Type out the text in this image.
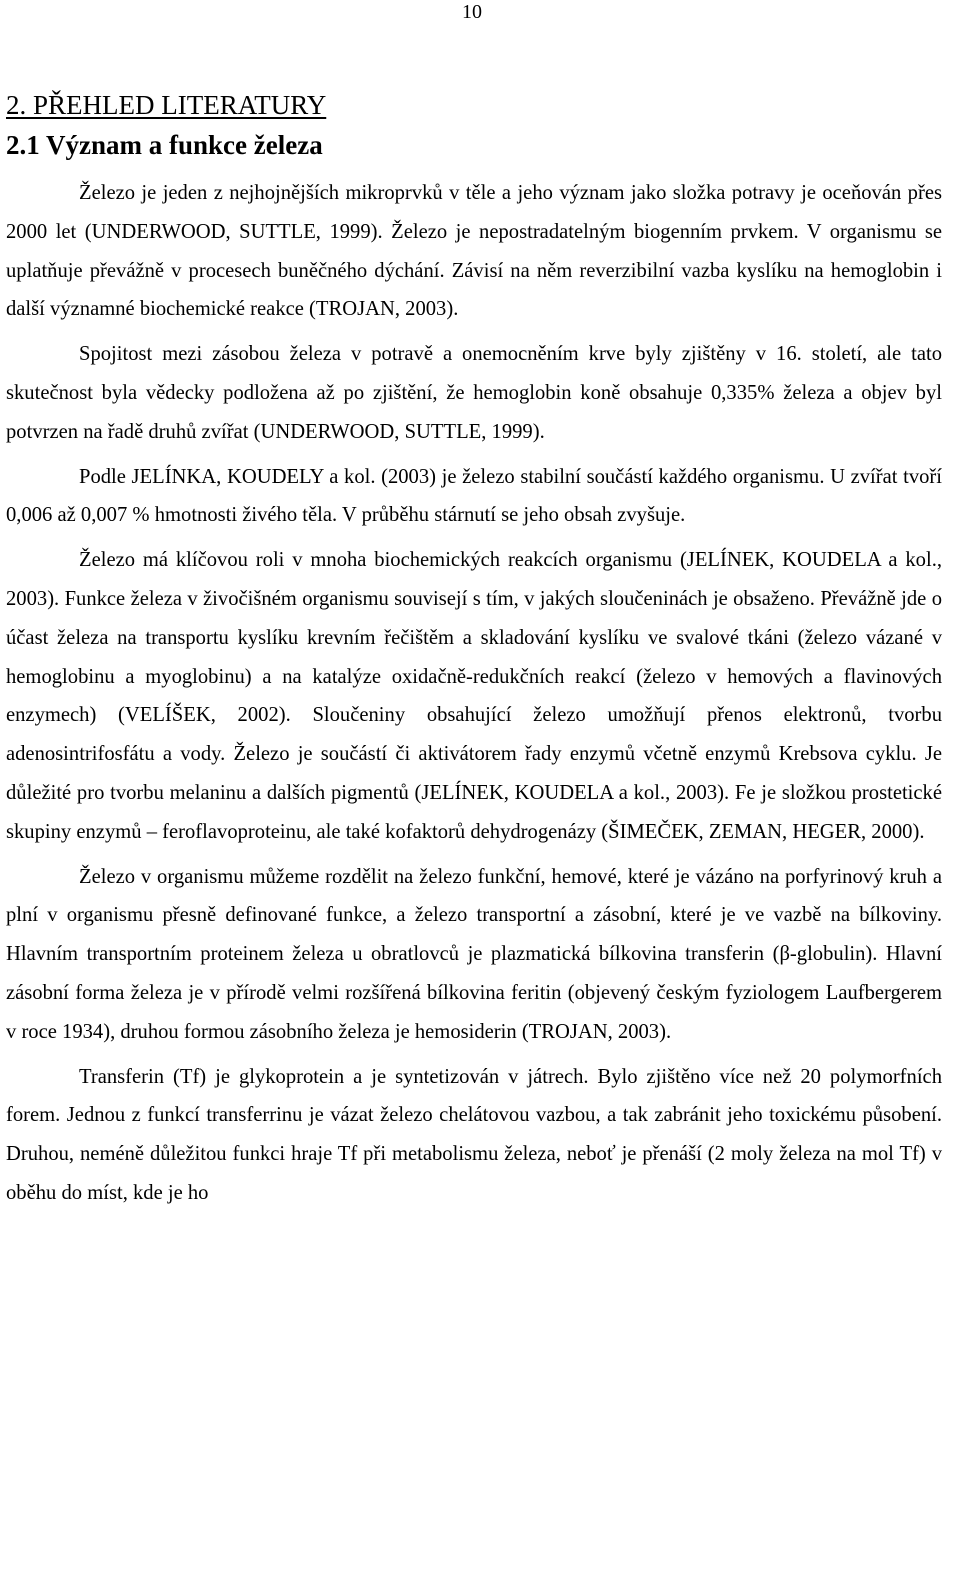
10
2. PŘEHLED LITERATURY
2.1 Význam a funkce železa

Železo je jeden z nejhojnějších mikroprvků v těle a jeho význam jako složka potravy je oceňován přes 2000 let (UNDERWOOD, SUTTLE, 1999). Železo je nepostradatelným biogenním prvkem. V organismu se uplatňuje převážně v procesech buněčného dýchání. Závisí na něm reverzibilní vazba kyslíku na hemoglobin i další významné biochemické reakce (TROJAN, 2003).

Spojitost mezi zásobou železa v potravě a onemocněním krve byly zjištěny v 16. století, ale tato skutečnost byla vědecky podložena až po zjištění, že hemoglobin koně obsahuje 0,335% železa a objev byl potvrzen na řadě druhů zvířat (UNDERWOOD, SUTTLE, 1999).

Podle JELÍNKA, KOUDELY a kol. (2003) je železo stabilní součástí každého organismu. U zvířat tvoří 0,006 až 0,007 % hmotnosti živého těla. V průběhu stárnutí se jeho obsah zvyšuje.

Železo má klíčovou roli v mnoha biochemických reakcích organismu (JELÍNEK, KOUDELA a kol., 2003). Funkce železa v živočišném organismu souvisejí s tím, v jakých sloučeninách je obsaženo. Převážně jde o účast železa na transportu kyslíku krevním řečištěm a skladování kyslíku ve svalové tkáni (železo vázané v hemoglobinu a myoglobinu) a na katalýze oxidačně-redukčních reakcí (železo v hemových a flavinových enzymech) (VELÍŠEK, 2002). Sloučeniny obsahující železo umožňují přenos elektronů, tvorbu adenosintrifosfátu a vody. Železo je součástí či aktivátorem řady enzymů včetně enzymů Krebsova cyklu. Je důležité pro tvorbu melaninu a dalších pigmentů (JELÍNEK, KOUDELA a kol., 2003). Fe je složkou prostetické skupiny enzymů – feroflavoproteinu, ale také kofaktorů dehydrogenázy (ŠIMEČEK, ZEMAN, HEGER, 2000).

Železo v organismu můžeme rozdělit na železo funkční, hemové, které je vázáno na porfyrinový kruh a plní v organismu přesně definované funkce, a železo transportní a zásobní, které je ve vazbě na bílkoviny. Hlavním transportním proteinem železa u obratlovců je plazmatická bílkovina transferin (β-globulin). Hlavní zásobní forma železa je v přírodě velmi rozšířená bílkovina feritin (objevený českým fyziologem Laufbergerem v roce 1934), druhou formou zásobního železa je hemosiderin (TROJAN, 2003).

Transferin (Tf) je glykoprotein a je syntetizován v játrech. Bylo zjištěno více než 20 polymorfních forem. Jednou z funkcí transferrinu je vázat železo chelátovou vazbou, a tak zabránit jeho toxickému působení. Druhou, neméně důležitou funkci hraje Tf při metabolismu železa, neboť je přenáší (2 moly železa na mol Tf) v oběhu do míst, kde je ho
